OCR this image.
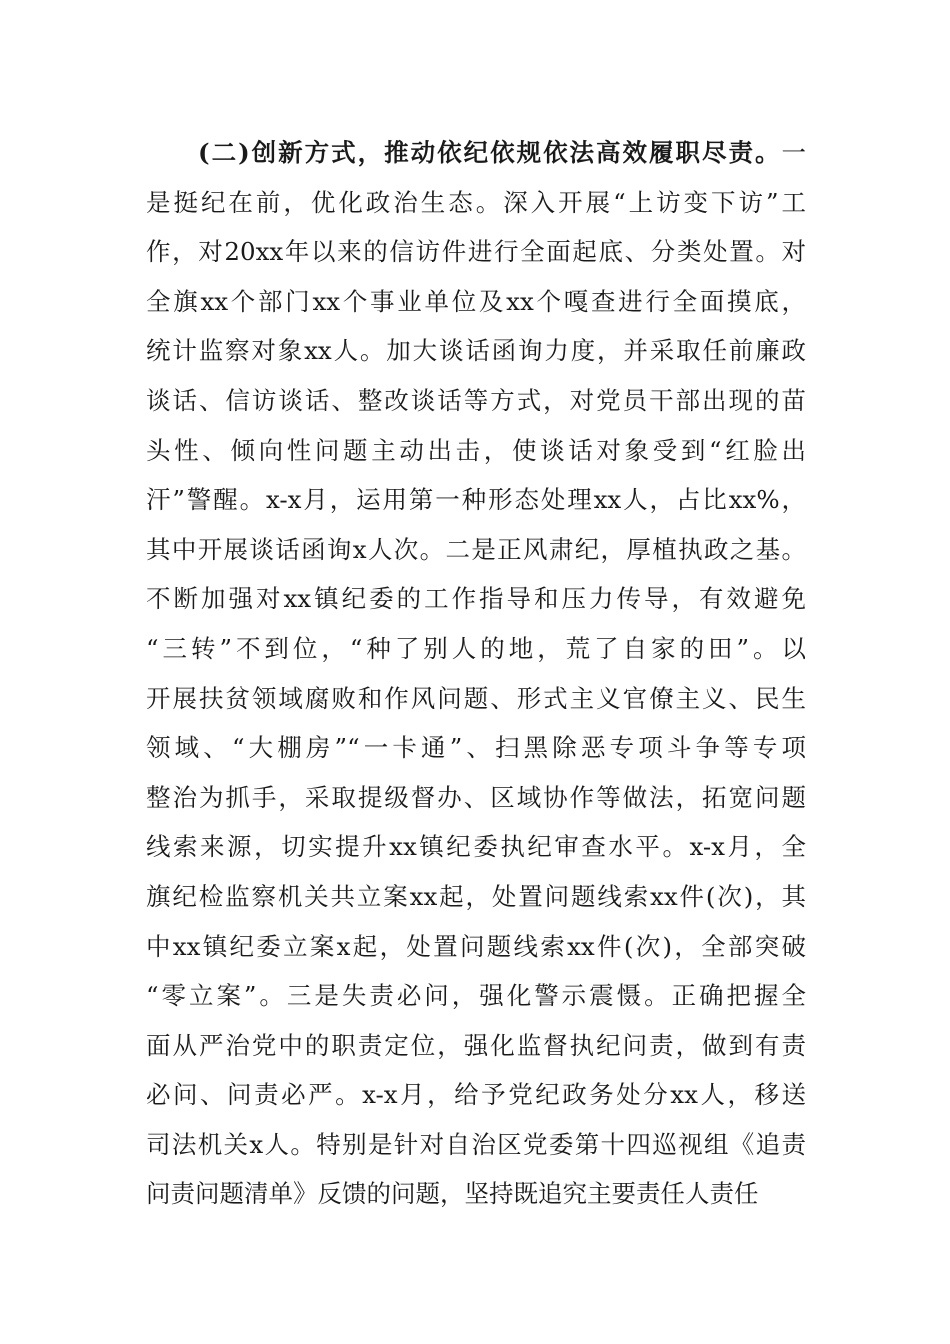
(二)创新方式，推动依纪依规依法高效履职尽责。一
是挺纪在前，优化政治生态。深入开展“上访变下访”工
作，对20xx年以来的信访件进行全面起底、分类处置。对
全旗xx个部门xx个事业单位及xx个嘎查进行全面摸底，
统计监察对象xx人。加大谈话函询力度，并采取任前廉政
谈话、信访谈话、整改谈话等方式，对党员干部出现的苗
头性、倾向性问题主动出击，使谈话对象受到“红脸出
汗”警醒。x-x月，运用第一种形态处理xx人，占比xx%，
其中开展谈话函询x人次。二是正风肃纪，厚植执政之基。
不断加强对xx镇纪委的工作指导和压力传导，有效避免
“三转”不到位，“种了别人的地，荒了自家的田”。以
开展扶贫领域腐败和作风问题、形式主义官僚主义、民生
领域、“大棚房”“一卡通”、扫黑除恶专项斗争等专项
整治为抓手，采取提级督办、区域协作等做法，拓宽问题
线索来源，切实提升xx镇纪委执纪审查水平。x-x月，全
旗纪检监察机关共立案xx起，处置问题线索xx件(次)，其
中xx镇纪委立案x起，处置问题线索xx件(次)，全部突破
“零立案”。三是失责必问，强化警示震慑。正确把握全
面从严治党中的职责定位，强化监督执纪问责，做到有责
必问、问责必严。x-x月，给予党纪政务处分xx人，移送
司法机关x人。特别是针对自治区党委第十四巡视组《追责
问责问题清单》反馈的问题，坚持既追究主要责任人责任
